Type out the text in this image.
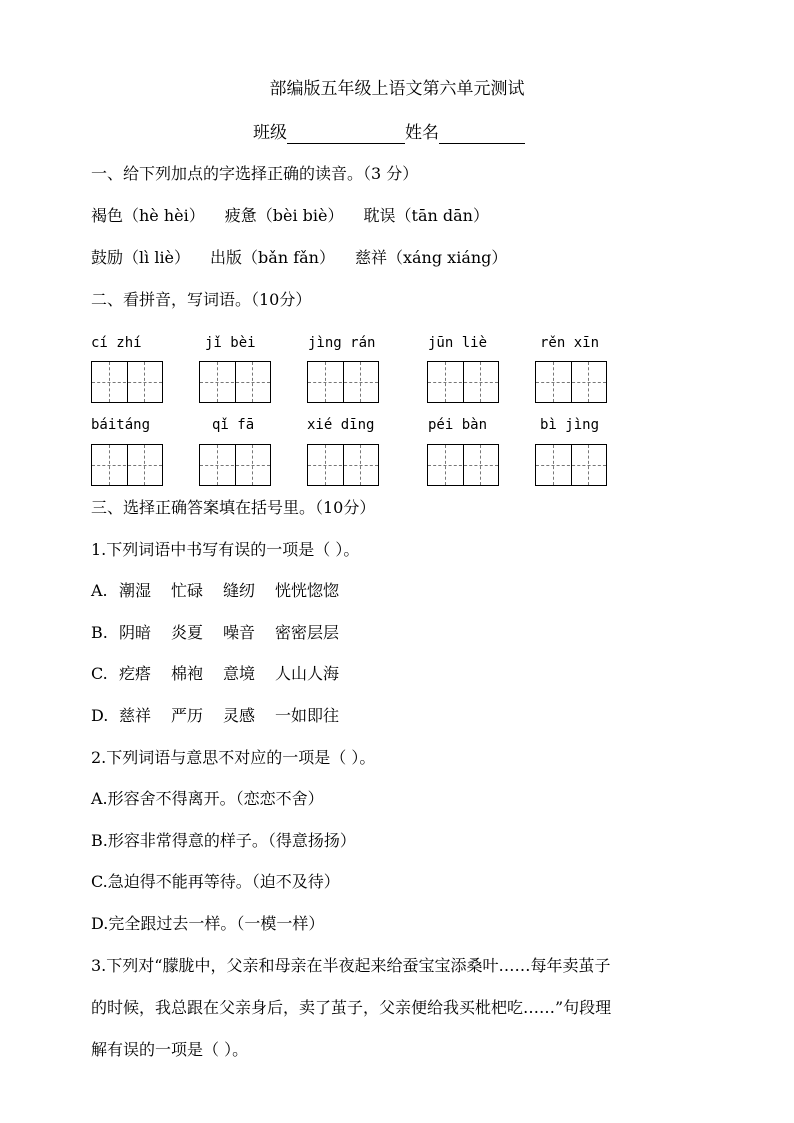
部编版五年级上语文第六单元测试
班级	姓名
一、给下列加点的字选择正确的读音。（3 分）
褐色（hè hèi） 疲惫（bèi biè） 耽误（tān dān）
鼓励（lì liè） 出版（bǎn fǎn） 慈祥（xáng xiáng）
二、看拼音，写词语。（10分）
cí zhí	jǐ bèi	jìng rán	jūn liè	rěn xīn
báitáng	qǐ fā	xié dīng	péi bàn	bì jìng
三、选择正确答案填在括号里。（10分）
1.下列词语中书写有误的一项是（ ）。
A. 潮湿 忙碌 缝纫 恍恍惚惚
B. 阴暗 炎夏 噪音 密密层层
C. 疙瘩 棉袍 意境 人山人海
D. 慈祥 严历 灵感 一如即往
2.下列词语与意思不对应的一项是（ ）。
A.形容舍不得离开。（恋恋不舍）
B.形容非常得意的样子。（得意扬扬）
C.急迫得不能再等待。（迫不及待）
D.完全跟过去一样。（一模一样）
3.下列对“朦胧中，父亲和母亲在半夜起来给蚕宝宝添桑叶……每年卖茧子
的时候，我总跟在父亲身后，卖了茧子，父亲便给我买枇杷吃……”句段理
解有误的一项是（ ）。
